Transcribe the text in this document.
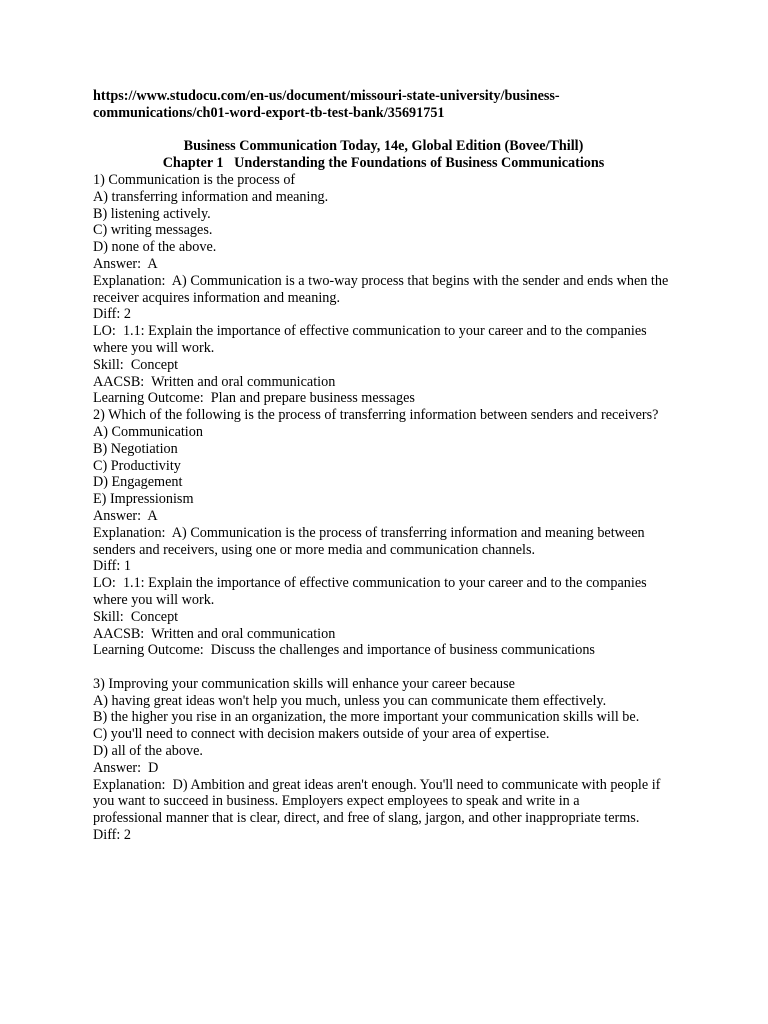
https://www.studocu.com/en-us/document/missouri-state-university/business-
communications/ch01-word-export-tb-test-bank/35691751

Business Communication Today, 14e, Global Edition (Bovee/Thill)

Chapter 1   Understanding the Foundations of Business Communications

1) Communication is the process of

A) transferring information and meaning.

B) listening actively.

C) writing messages.

D) none of the above.

Answer:  A

Explanation:  A) Communication is a two-way process that begins with the sender and ends when the receiver acquires information and meaning.

Diff: 2

LO:  1.1: Explain the importance of effective communication to your career and to the companies where you will work.

Skill:  Concept

AACSB:  Written and oral communication

Learning Outcome:  Plan and prepare business messages

2) Which of the following is the process of transferring information between senders and receivers?

A) Communication

B) Negotiation

C) Productivity

D) Engagement

E) Impressionism

Answer:  A

Explanation:  A) Communication is the process of transferring information and meaning between

senders and receivers, using one or more media and communication channels.

Diff: 1

LO:  1.1: Explain the importance of effective communication to your career and to the companies where you will work.

Skill:  Concept

AACSB:  Written and oral communication

Learning Outcome:  Discuss the challenges and importance of business communications

3) Improving your communication skills will enhance your career because

A) having great ideas won't help you much, unless you can communicate them effectively.

B) the higher you rise in an organization, the more important your communication skills will be.

C) you'll need to connect with decision makers outside of your area of expertise.

D) all of the above.

Answer:  D

Explanation:  D) Ambition and great ideas aren't enough. You'll need to communicate with people if you want to succeed in business. Employers expect employees to speak and write in a

professional manner that is clear, direct, and free of slang, jargon, and other inappropriate terms.

Diff: 2
